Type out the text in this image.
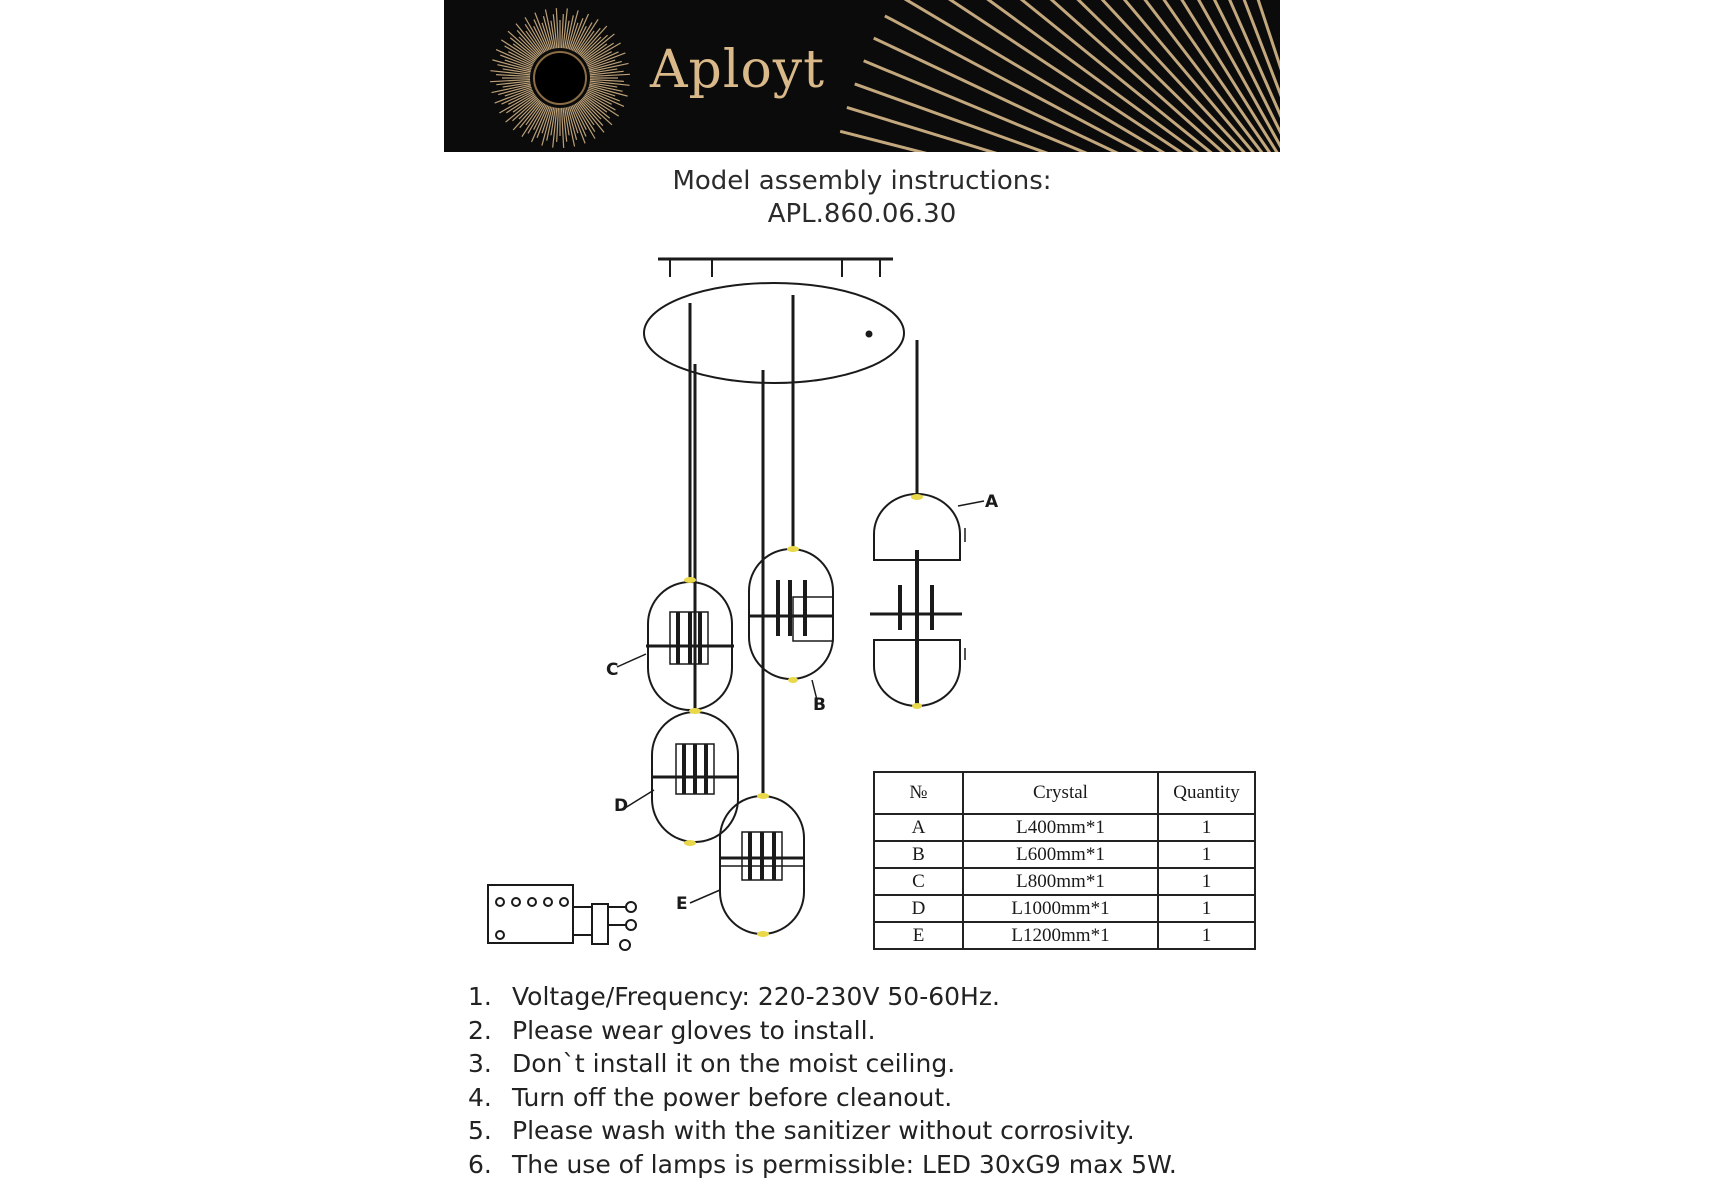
Aployt
Model assembly instructions:
APL.860.06.30
A
B
C
D
E
№	Crystal	Quantity
A	L400mm*1	1
B	L600mm*1	1
C	L800mm*1	1
D	L1000mm*1	1
E	L1200mm*1	1
1. Voltage/Frequency: 220-230V 50-60Hz.
2. Please wear gloves to install.
3. Don`t install it on the moist ceiling.
4. Turn off the power before cleanout.
5. Please wash with the sanitizer without corrosivity.
6. The use of lamps is permissible: LED 30xG9 max 5W.
